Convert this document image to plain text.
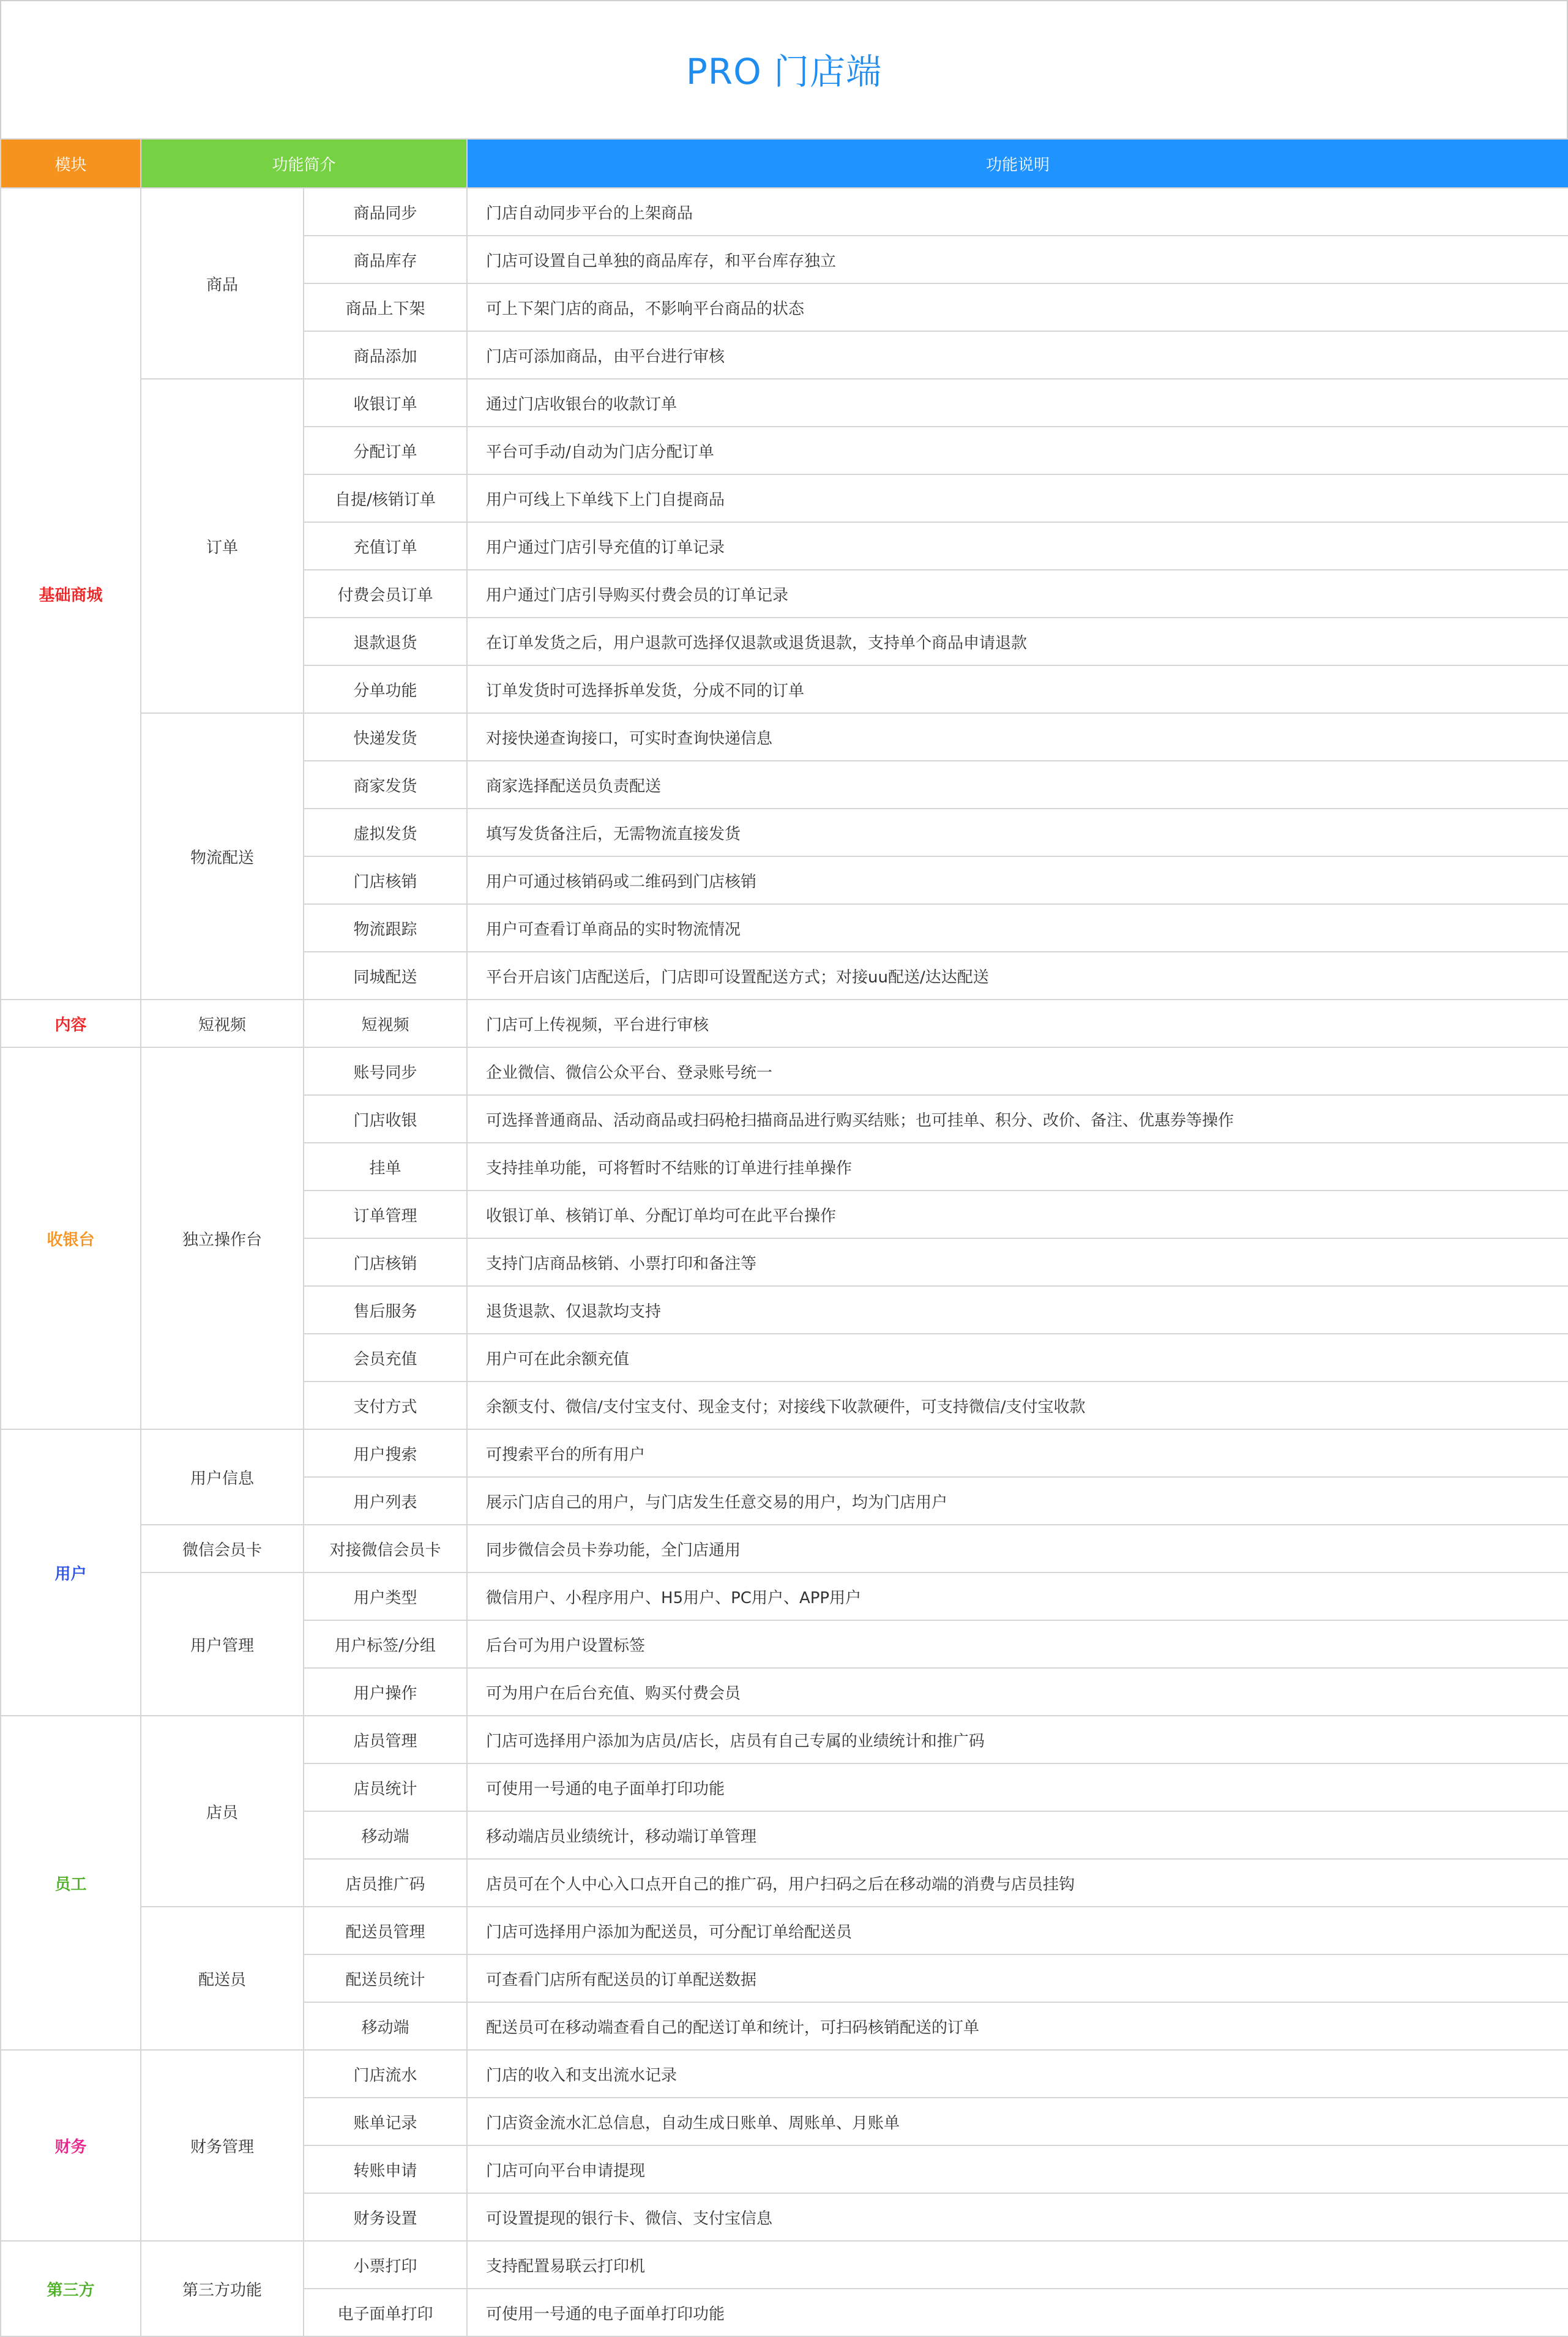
PRO 门店端
模块	功能简介		功能说明
基础商城	商品	商品同步	门店自动同步平台的上架商品
		商品库存	门店可设置自己单独的商品库存，和平台库存独立
		商品上下架	可上下架门店的商品，不影响平台商品的状态
		商品添加	门店可添加商品，由平台进行审核
	订单	收银订单	通过门店收银台的收款订单
		分配订单	平台可手动/自动为门店分配订单
		自提/核销订单	用户可线上下单线下上门自提商品
		充值订单	用户通过门店引导充值的订单记录
		付费会员订单	用户通过门店引导购买付费会员的订单记录
		退款退货	在订单发货之后，用户退款可选择仅退款或退货退款，支持单个商品申请退款
		分单功能	订单发货时可选择拆单发货，分成不同的订单
	物流配送	快递发货	对接快递查询接口，可实时查询快递信息
		商家发货	商家选择配送员负责配送
		虚拟发货	填写发货备注后，无需物流直接发货
		门店核销	用户可通过核销码或二维码到门店核销
		物流跟踪	用户可查看订单商品的实时物流情况
		同城配送	平台开启该门店配送后，门店即可设置配送方式；对接uu配送/达达配送
内容	短视频	短视频	门店可上传视频，平台进行审核
收银台	独立操作台	账号同步	企业微信、微信公众平台、登录账号统一
		门店收银	可选择普通商品、活动商品或扫码枪扫描商品进行购买结账；也可挂单、积分、改价、备注、优惠券等操作
		挂单	支持挂单功能，可将暂时不结账的订单进行挂单操作
		订单管理	收银订单、核销订单、分配订单均可在此平台操作
		门店核销	支持门店商品核销、小票打印和备注等
		售后服务	退货退款、仅退款均支持
		会员充值	用户可在此余额充值
		支付方式	余额支付、微信/支付宝支付、现金支付；对接线下收款硬件，可支持微信/支付宝收款
用户	用户信息	用户搜索	可搜索平台的所有用户
		用户列表	展示门店自己的用户，与门店发生任意交易的用户，均为门店用户
	微信会员卡	对接微信会员卡	同步微信会员卡券功能，全门店通用
	用户管理	用户类型	微信用户、小程序用户、H5用户、PC用户、APP用户
		用户标签/分组	后台可为用户设置标签
		用户操作	可为用户在后台充值、购买付费会员
员工	店员	店员管理	门店可选择用户添加为店员/店长，店员有自己专属的业绩统计和推广码
		店员统计	可使用一号通的电子面单打印功能
		移动端	移动端店员业绩统计，移动端订单管理
		店员推广码	店员可在个人中心入口点开自己的推广码，用户扫码之后在移动端的消费与店员挂钩
	配送员	配送员管理	门店可选择用户添加为配送员，可分配订单给配送员
		配送员统计	可查看门店所有配送员的订单配送数据
		移动端	配送员可在移动端查看自己的配送订单和统计，可扫码核销配送的订单
财务	财务管理	门店流水	门店的收入和支出流水记录
		账单记录	门店资金流水汇总信息，自动生成日账单、周账单、月账单
		转账申请	门店可向平台申请提现
		财务设置	可设置提现的银行卡、微信、支付宝信息
第三方	第三方功能	小票打印	支持配置易联云打印机
		电子面单打印	可使用一号通的电子面单打印功能
